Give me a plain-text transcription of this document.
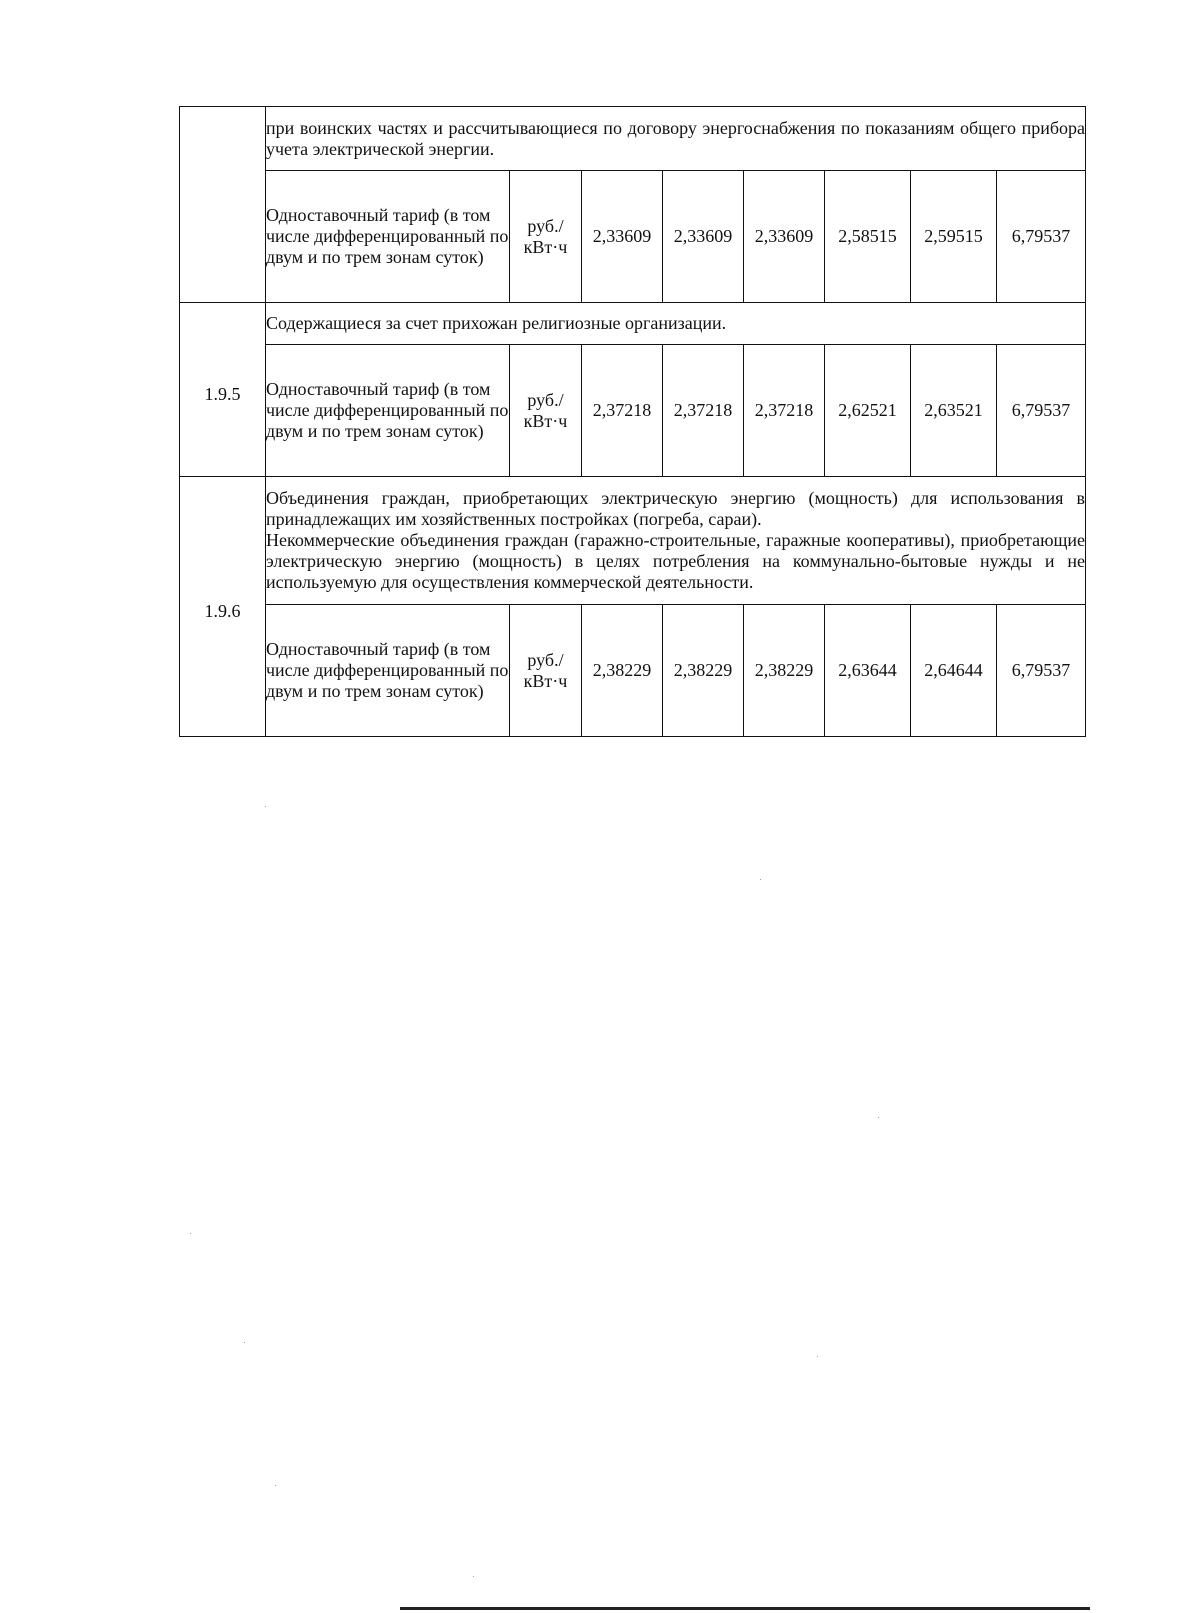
	при воинских частях и рассчитывающиеся по договору энергоснабжения по показаниям общего прибора учета электрической энергии.							
	Одноставочный тариф (в том числе дифференцированный по двум и по трем зонам суток)	руб./ кВт·ч	2,33609	2,33609	2,33609	2,58515	2,59515	6,79537
1.9.5	Содержащиеся за счет прихожан религиозные организации.							
	Одноставочный тариф (в том числе дифференцированный по двум и по трем зонам суток)	руб./ кВт·ч	2,37218	2,37218	2,37218	2,62521	2,63521	6,79537
1.9.6	Объединения граждан, приобретающих электрическую энергию (мощность) для использования в принадлежащих им хозяйственных постройках (погреба, сараи).
Некоммерческие объединения граждан (гаражно-строительные, гаражные кооперативы), приобретающие электрическую энергию (мощность) в целях потребления на коммунально-бытовые нужды и не используемую для осуществления коммерческой деятельности.							

	Одноставочный тариф (в том числе дифференцированный по двум и по трем зонам суток)	руб./ кВт·ч	2,38229	2,38229	2,38229	2,63644	2,64644	6,79537
